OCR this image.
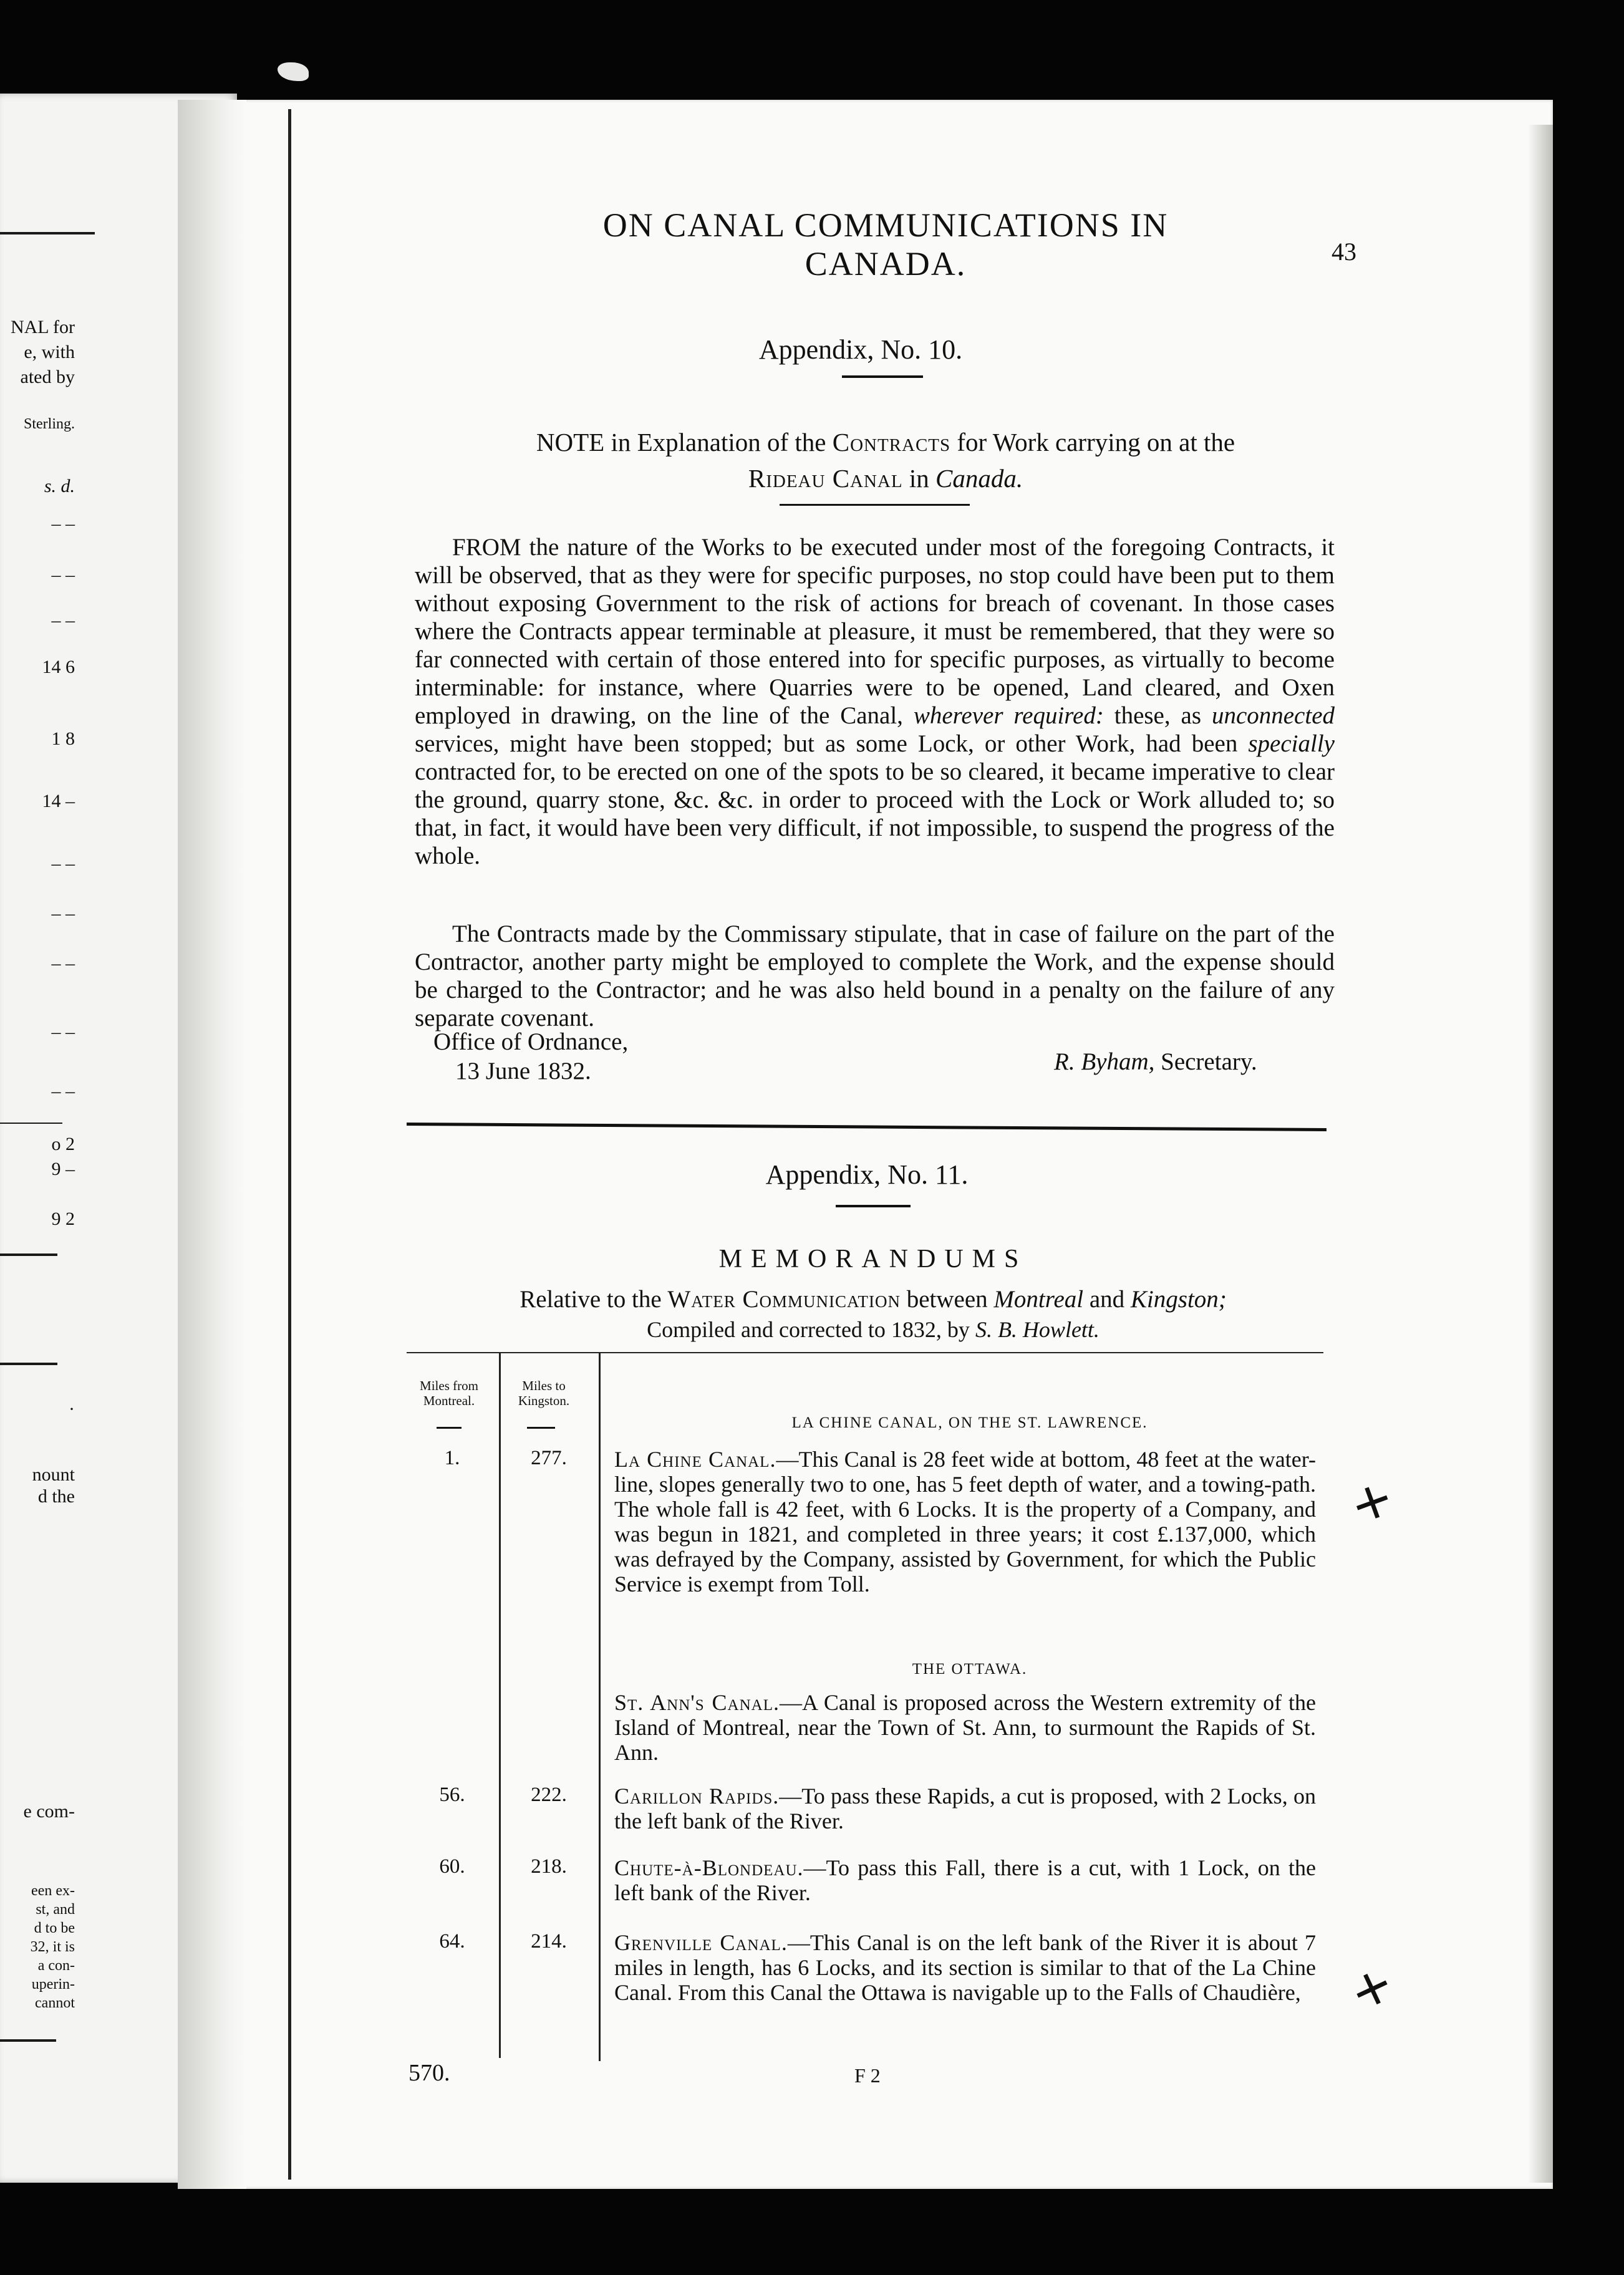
NAL for
e, with
ated by
Sterling.
s. d.
– –
– –
– –
14 6
1 8
14 –
– –
– –
– –
– –
– –
o 2
9 –
9 2
·
nount
d the
e com-
een ex-
st, and
d to be
32, it is
a con-
uperin-
cannot
ON CANAL COMMUNICATIONS IN CANADA.	43
Appendix, No. 10.
NOTE in Explanation of the Contracts for Work carrying on at the
Rideau Canal in Canada.
FROM the nature of the Works to be executed under most of the foregoing Contracts, it will be observed, that as they were for specific purposes, no stop could have been put to them without exposing Government to the risk of actions for breach of covenant. In those cases where the Contracts appear terminable at pleasure, it must be remembered, that they were so far connected with certain of those entered into for specific purposes, as virtually to become interminable: for instance, where Quarries were to be opened, Land cleared, and Oxen employed in drawing, on the line of the Canal, wherever required: these, as unconnected services, might have been stopped; but as some Lock, or other Work, had been specially contracted for, to be erected on one of the spots to be so cleared, it became imperative to clear the ground, quarry stone, &c. &c. in order to proceed with the Lock or Work alluded to; so that, in fact, it would have been very difficult, if not impossible, to suspend the progress of the whole.
The Contracts made by the Commissary stipulate, that in case of failure on the part of the Contractor, another party might be employed to complete the Work, and the expense should be charged to the Contractor; and he was also held bound in a penalty on the failure of any separate covenant.
Office of Ordnance,
13 June 1832.	R. Byham, Secretary.
Appendix, No. 11.
MEMORANDUMS
Relative to the Water Communication between Montreal and Kingston;
Compiled and corrected to 1832, by S. B. Howlett.
Miles from Montreal.
Miles to Kingston.
LA CHINE CANAL, ON THE ST. LAWRENCE.
1.	277.	La Chine Canal.—This Canal is 28 feet wide at bottom, 48 feet at the water-line, slopes generally two to one, has 5 feet depth of water, and a towing-path. The whole fall is 42 feet, with 6 Locks. It is the property of a Company, and was begun in 1821, and completed in three years; it cost £.137,000, which was defrayed by the Company, assisted by Government, for which the Public Service is exempt from Toll.
St. Ann's Canal.—A Canal is proposed across the Western extremity of the Island of Montreal, near the Town of St. Ann, to surmount the Rapids of St. Ann.
56.	222.	Carillon Rapids.—To pass these Rapids, a cut is proposed, with 2 Locks, on the left bank of the River.
60.	218.	Chute-à-Blondeau.—To pass this Fall, there is a cut, with 1 Lock, on the left bank of the River.
64.	214.	Grenville Canal.—This Canal is on the left bank of the River it is about 7 miles in length, has 6 Locks, and its section is similar to that of the La Chine Canal. From this Canal the Ottawa is navigable up to the Falls of Chaudière,
THE OTTAWA.
570.	F 2
✕
✕
